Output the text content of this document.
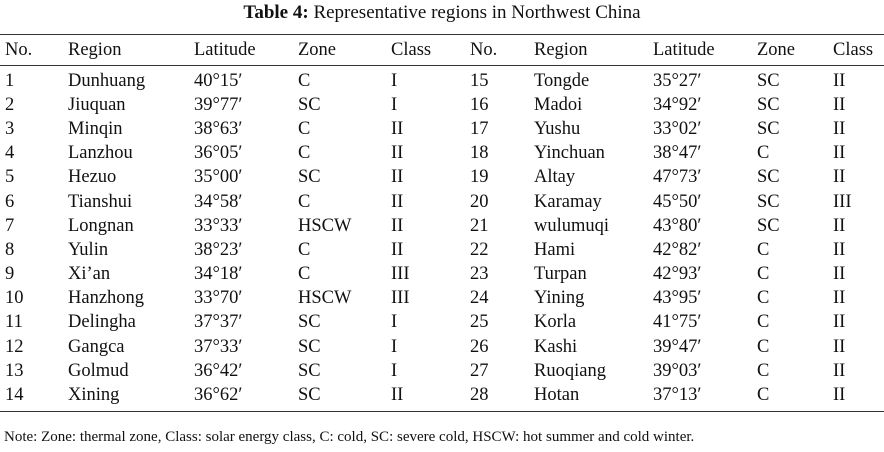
Table 4: Representative regions in Northwest China
No.	Region	Latitude	Zone	Class	No.	Region	Latitude	Zone	Class
1	Dunhuang	40°15′	C	I	15	Tongde	35°27′	SC	II
2	Jiuquan	39°77′	SC	I	16	Madoi	34°92′	SC	II
3	Minqin	38°63′	C	II	17	Yushu	33°02′	SC	II
4	Lanzhou	36°05′	C	II	18	Yinchuan	38°47′	C	II
5	Hezuo	35°00′	SC	II	19	Altay	47°73′	SC	II
6	Tianshui	34°58′	C	II	20	Karamay	45°50′	SC	III
7	Longnan	33°33′	HSCW	II	21	wulumuqi	43°80′	SC	II
8	Yulin	38°23′	C	II	22	Hami	42°82′	C	II
9	Xi’an	34°18′	C	III	23	Turpan	42°93′	C	II
10	Hanzhong	33°70′	HSCW	III	24	Yining	43°95′	C	II
11	Delingha	37°37′	SC	I	25	Korla	41°75′	C	II
12	Gangca	37°33′	SC	I	26	Kashi	39°47′	C	II
13	Golmud	36°42′	SC	I	27	Ruoqiang	39°03′	C	II
14	Xining	36°62′	SC	II	28	Hotan	37°13′	C	II
Note: Zone: thermal zone, Class: solar energy class, C: cold, SC: severe cold, HSCW: hot summer and cold winter.
